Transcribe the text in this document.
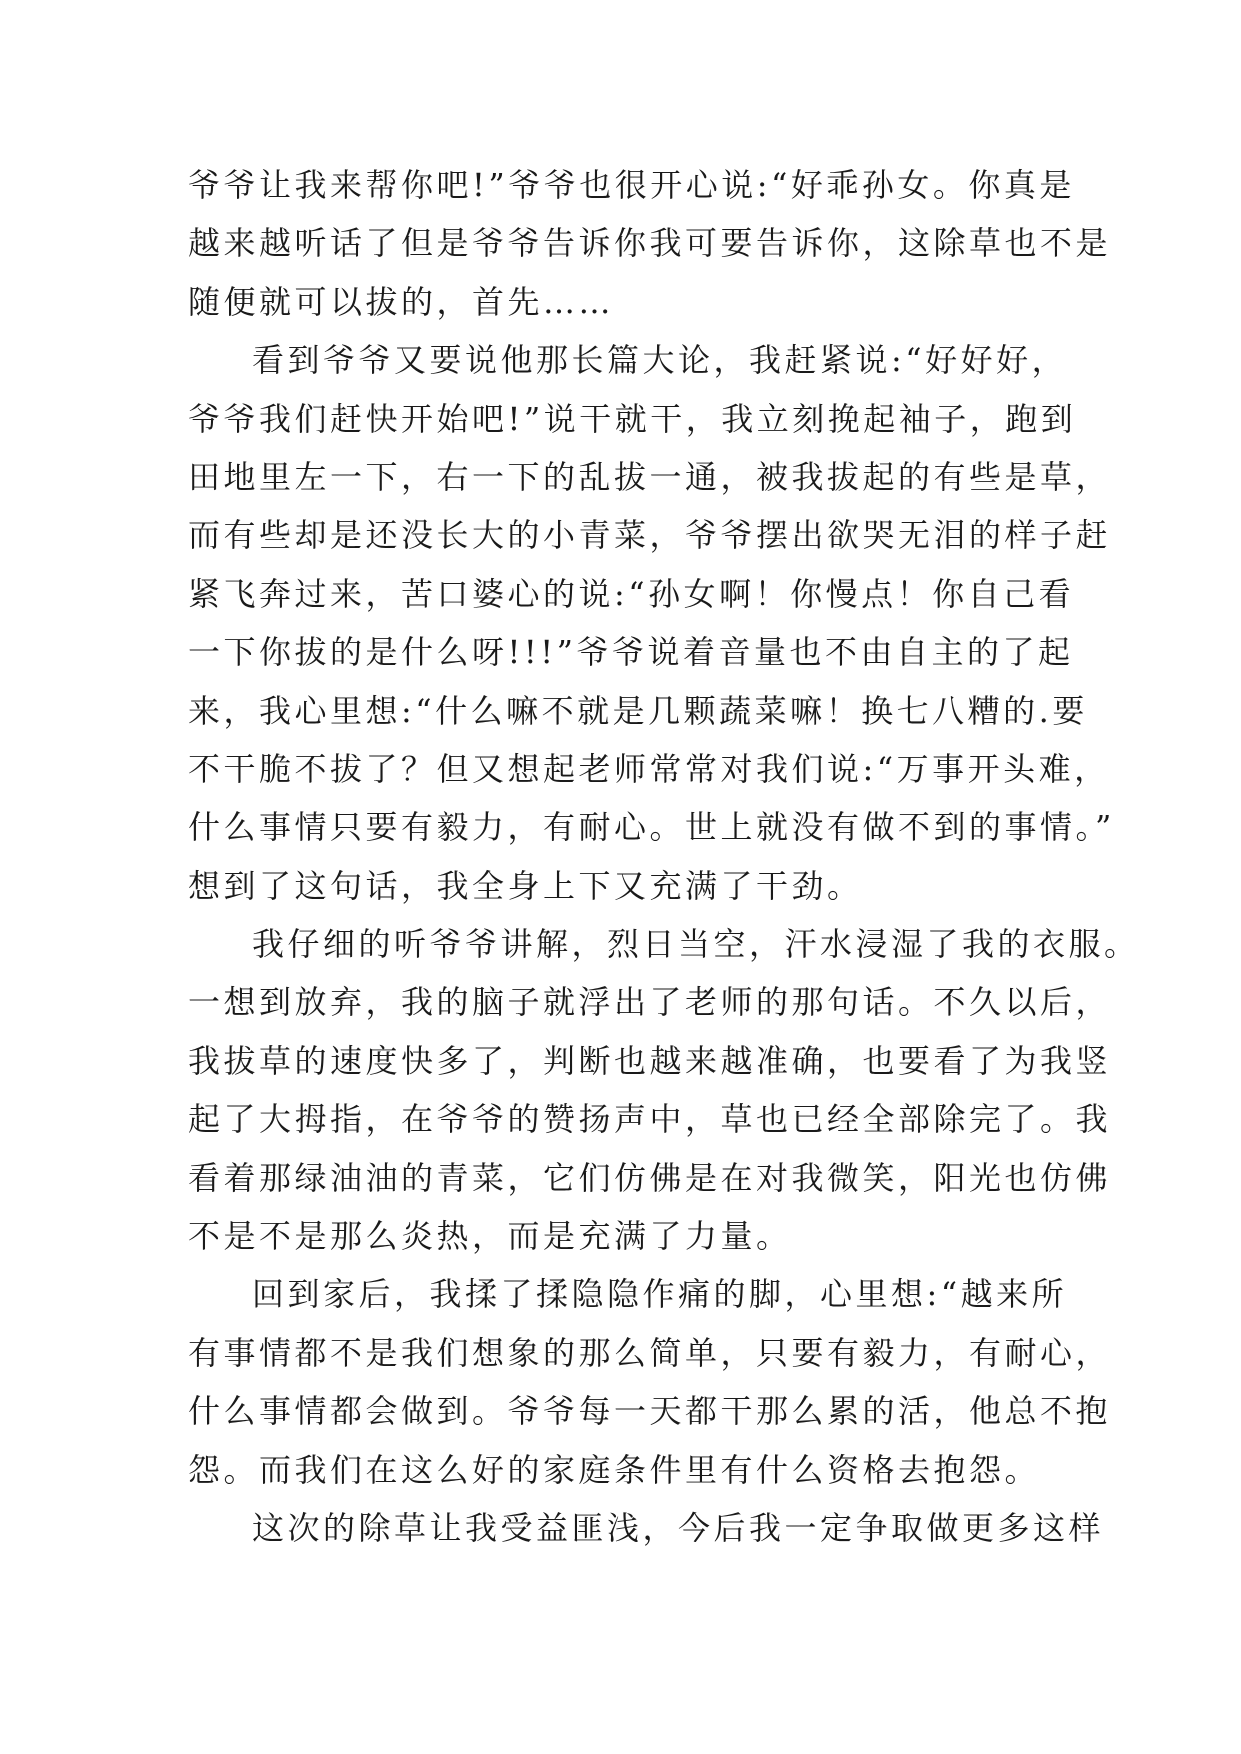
爷爷让我来帮你吧!”爷爷也很开心说:“好乖孙女。你真是
越来越听话了但是爷爷告诉你我可要告诉你，这除草也不是
随便就可以拔的，首先……
看到爷爷又要说他那长篇大论，我赶紧说:“好好好，
爷爷我们赶快开始吧!”说干就干，我立刻挽起袖子，跑到
田地里左一下，右一下的乱拔一通，被我拔起的有些是草，
而有些却是还没长大的小青菜，爷爷摆出欲哭无泪的样子赶
紧飞奔过来，苦口婆心的说:“孙女啊！你慢点！你自己看
一下你拔的是什么呀!!!”爷爷说着音量也不由自主的了起
来，我心里想:“什么嘛不就是几颗蔬菜嘛！换七八糟的.要
不干脆不拔了？但又想起老师常常对我们说:“万事开头难，
什么事情只要有毅力，有耐心。世上就没有做不到的事情。”
想到了这句话，我全身上下又充满了干劲。
我仔细的听爷爷讲解，烈日当空，汗水浸湿了我的衣服。
一想到放弃，我的脑子就浮出了老师的那句话。不久以后，
我拔草的速度快多了，判断也越来越准确，也要看了为我竖
起了大拇指，在爷爷的赞扬声中，草也已经全部除完了。我
看着那绿油油的青菜，它们仿佛是在对我微笑，阳光也仿佛
不是不是那么炎热，而是充满了力量。
回到家后，我揉了揉隐隐作痛的脚，心里想:“越来所
有事情都不是我们想象的那么简单，只要有毅力，有耐心，
什么事情都会做到。爷爷每一天都干那么累的活，他总不抱
怨。而我们在这么好的家庭条件里有什么资格去抱怨。
这次的除草让我受益匪浅，今后我一定争取做更多这样
